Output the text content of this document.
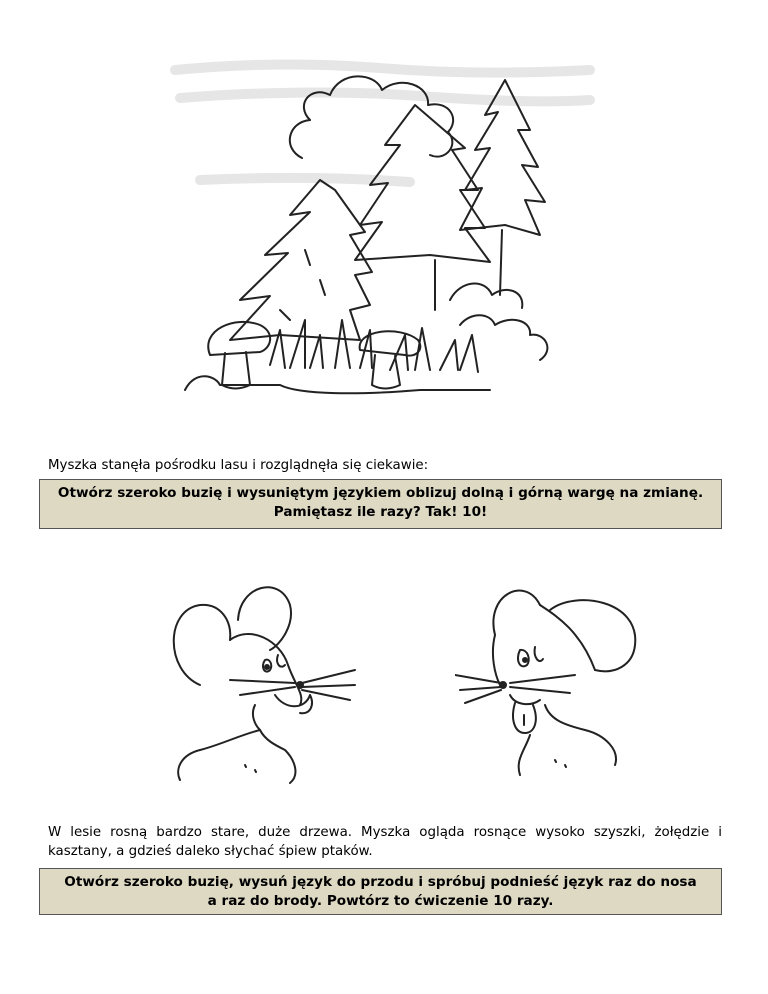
Myszka stanęła pośrodku lasu i rozglądnęła się ciekawie:

Otwórz szeroko buzię i wysuniętym językiem oblizuj dolną i górną wargę na zmianę.
Pamiętasz ile razy? Tak! 10!

W lesie rosną bardzo stare, duże drzewa. Myszka ogląda rosnące wysoko szyszki, żołędzie i kasztany, a gdzieś daleko słychać śpiew ptaków.

Otwórz szeroko buzię, wysuń język do przodu i spróbuj podnieść język raz do nosa
a raz do brody. Powtórz to ćwiczenie 10 razy.
